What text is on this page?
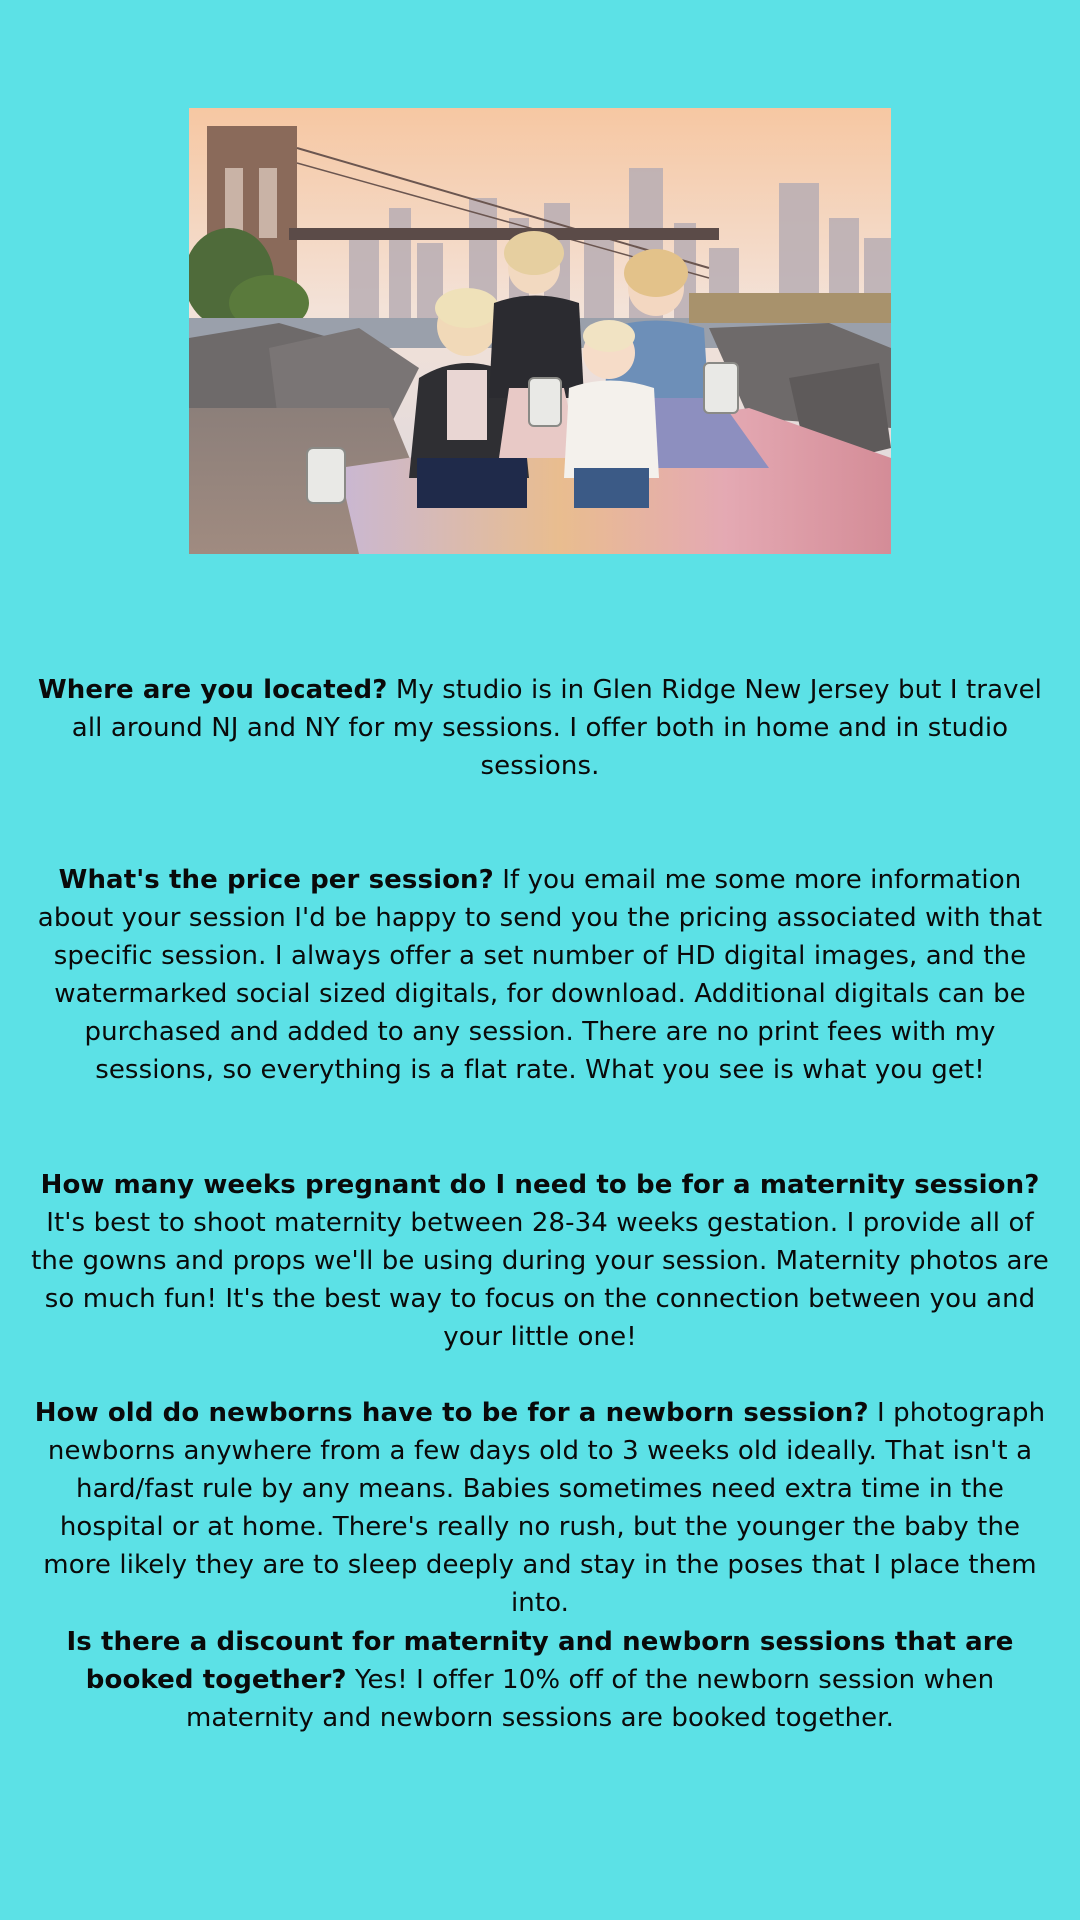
Where are you located? My studio is in Glen Ridge New Jersey but I travel all around NJ and NY for my sessions. I offer both in home and in studio sessions.

What's the price per session? If you email me some more information about your session I'd be happy to send you the pricing associated with that specific session. I always offer a set number of HD digital images, and the watermarked social sized digitals, for download. Additional digitals can be purchased and added to any session. There are no print fees with my sessions, so everything is a flat rate. What you see is what you get!

How many weeks pregnant do I need to be for a maternity session? It's best to shoot maternity between 28-34 weeks gestation. I provide all of the gowns and props we'll be using during your session. Maternity photos are so much fun! It's the best way to focus on the connection between you and your little one!

How old do newborns have to be for a newborn session? I photograph newborns anywhere from a few days old to 3 weeks old ideally. That isn't a hard/fast rule by any means. Babies sometimes need extra time in the hospital or at home. There's really no rush, but the younger the baby the more likely they are to sleep deeply and stay in the poses that I place them into.

Is there a discount for maternity and newborn sessions that are booked together? Yes! I offer 10% off of the newborn session when maternity and newborn sessions are booked together.
